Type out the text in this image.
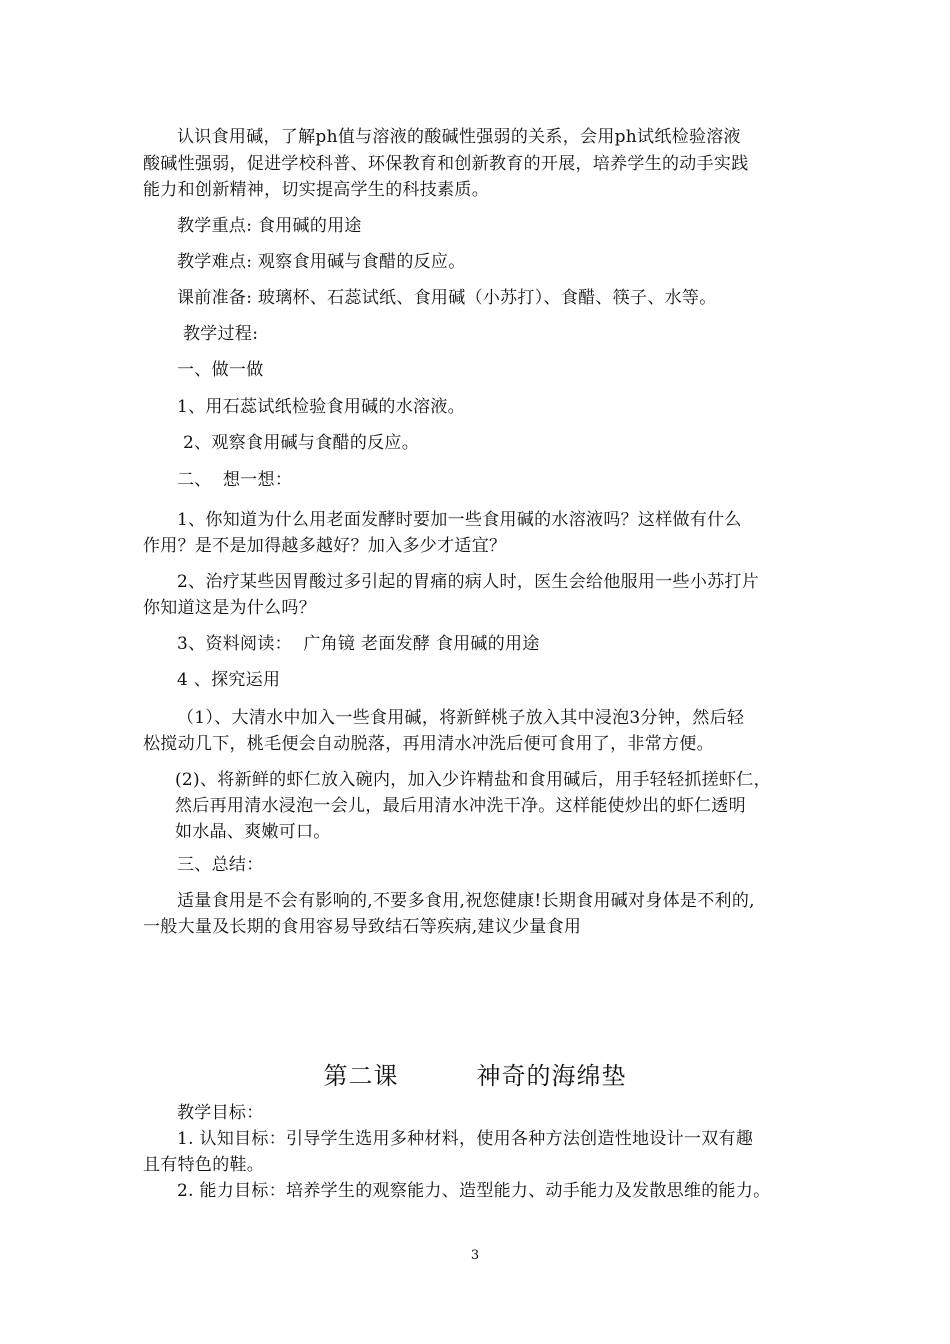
认识食用碱，了解ph值与溶液的酸碱性强弱的关系，会用ph试纸检验溶液
酸碱性强弱，促进学校科普、环保教育和创新教育的开展，培养学生的动手实践
能力和创新精神，切实提高学生的科技素质。
教学重点: 食用碱的用途
教学难点: 观察食用碱与食醋的反应。
课前准备: 玻璃杯、石蕊试纸、食用碱（小苏打）、食醋、筷子、水等。
教学过程:
一、做一做
1、用石蕊试纸检验食用碱的水溶液。
2、观察食用碱与食醋的反应。
二、  想一想：
1、你知道为什么用老面发酵时要加一些食用碱的水溶液吗？这样做有什么
作用？是不是加得越多越好？加入多少才适宜？
2、治疗某些因胃酸过多引起的胃痛的病人时，医生会给他服用一些小苏打片
你知道这是为什么吗？
3、资料阅读：  广角镜 老面发酵 食用碱的用途
4 、探究运用
（1）、大清水中加入一些食用碱，将新鲜桃子放入其中浸泡3分钟，然后轻
松搅动几下，桃毛便会自动脱落，再用清水冲洗后便可食用了，非常方便。
(2)、将新鲜的虾仁放入碗内，加入少许精盐和食用碱后，用手轻轻抓搓虾仁，
然后再用清水浸泡一会儿，最后用清水冲洗干净。这样能使炒出的虾仁透明
如水晶、爽嫩可口。
三、总结：
适量食用是不会有影响的,不要多食用,祝您健康!长期食用碱对身体是不利的,
一般大量及长期的食用容易导致结石等疾病,建议少量食用
第二课	神奇的海绵垫
教学目标：
1. 认知目标：引导学生选用多种材料，使用各种方法创造性地设计一双有趣
且有特色的鞋。
2. 能力目标：培养学生的观察能力、造型能力、动手能力及发散思维的能力。
3
